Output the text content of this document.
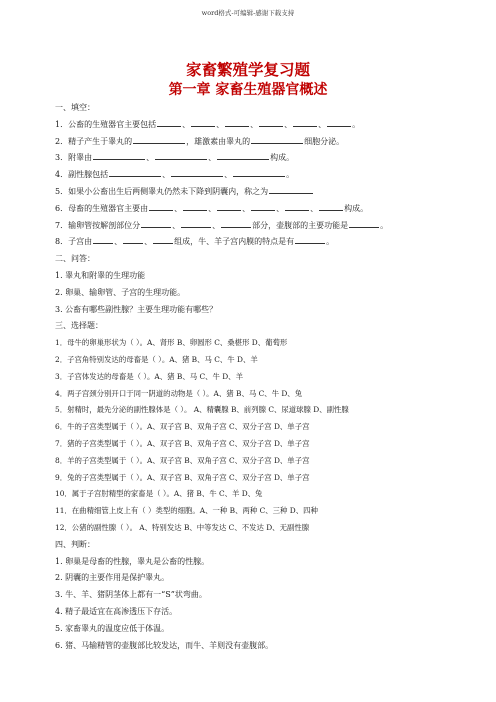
word格式-可编辑-感谢下载支持
家畜繁殖学复习题
第一章 家畜生殖器官概述
一、填空：
1．公畜的生殖器官主要包括	、	、	、	、	、	。
2．精子产生于睾丸的	，雄激素由睾丸的	细胞分泌。
3．附睾由	、	、	构成。
4．副性腺包括	、	、	。
5．如果小公畜出生后两侧睾丸仍然未下降到阴囊内，称之为
6．母畜的生殖器官主要由	、	、	、	、	、	构成。
7．输卵管按解剖部位分	、	、	部分，壶腹部的主要功能是	。
8．子宫由	、	、	组成，牛、羊子宫内膜的特点是有	。
二、问答：
1. 睾丸和附睾的生理功能
2. 卵巢、输卵管、子宫的生理功能。
3. 公畜有哪些副性腺？主要生理功能有哪些？
三、选择题：
1．母牛的卵巢形状为（ ）。A、肾形 B、卵圆形 C、桑椹形 D、葡萄形
2．子宫角特别发达的母畜是（ ）。A、猪 B、马 C、牛 D、羊
3．子宫体发达的母畜是（ ）。A、猪 B、马 C、牛 D、羊
4．两子宫颈分别开口于同一阴道的动物是（ ）。A、猪 B、马 C、牛 D、兔
5．射精时，最先分泌的副性腺体是（ ）。 A、精囊腺 B、前列腺 C、尿道球腺 D、副性腺
6．牛的子宫类型属于（ ）。A、双子宫 B、双角子宫 C、双分子宫 D、单子宫
7．猪的子宫类型属于（ ）。A、双子宫 B、双角子宫 C、双分子宫 D、单子宫
8．羊的子宫类型属于（ ）。A、双子宫 B、双角子宫 C、双分子宫 D、单子宫
9．兔的子宫类型属于（ ）。A、双子宫 B、双角子宫 C、双分子宫 D、单子宫
10．属于子宫肘精型的家畜是（ ）。A、猪 B、牛 C、羊 D、兔
11．在曲精细管上皮上有（ ）类型的细胞。A、一种 B、两种 C、三种 D、四种
12．公猪的副性腺（ ）。 A、特别发达 B、中等发达 C、不发达 D、无副性腺
四、判断：
1. 卵巢是母畜的性腺，睾丸是公畜的性腺。
2. 阴囊的主要作用是保护睾丸。
3. 牛、羊、猪阴茎体上都有一“S”状弯曲。
4. 精子最适宜在高渗透压下存活。
5. 家畜睾丸的温度应低于体温。
6. 猪、马输精管的壶腹部比较发达，而牛、羊则没有壶腹部。
